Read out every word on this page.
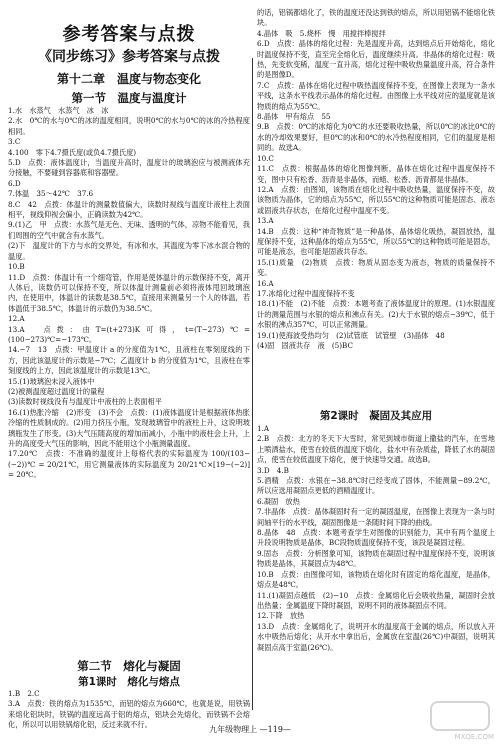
参考答案与点拨
《同步练习》参考答案与点拨
第十二章　温度与物态变化
第一节　温度与温度计

1.水　水蒸气　水蒸气　冰　冰

2.水　0℃的水与0℃的冰的温度相同，说明0℃的水与0℃的冰的冷热程度相同。

3.C

4.100　零下4.7摄氏度(或负4.7摄氏度)

5.D　点拨：液体温度计，当温度升高时，温度计的玻璃泡应与被测液体充分接触，不要碰到容器底和容器壁。

6.D

7.体温　35～42℃　37.6

8.C　42　点拨：体温计的测量数值偏大，读数时视线与温度计液柱上表面相平，视线仰视会偏小，正确读数为42℃。

9.(1)乙　甲　点拨：水蒸气是无色、无味、透明的气体，凉物不能看见，我们周围的空气中就含有水蒸气。

(2)下　温度计的下方与水的交界处，有冰和水，其温度为零下冰水混合物的温度。

10.B

11.D　点拨：体温计有一个细弯管，作用是使体温计的示数保持不变，离开人体后，读数仍可以保持不变，所以体温计测量前必须将液体甩回玻璃泡内，在使用中，体温计的读数是38.5℃，直接用来测量另一个人的体温，若体温低于38.5℃，体温计的示数仍为38.5℃。

12.A

13.A　点拨：由T=(t+273)K可得，t=(T−273)℃=(100−273)℃=−173℃。

14.−7　13　点拨：甲温度计 a 的分度值为1℃，且液柱在零刻度线的下方，因此该温度计的示数是−7℃；乙温度计 b 的分度值为1℃，且液柱在零刻度线的上方，因此该温度计的示数是13℃。

15.(1)玻璃泡未浸入液体中

(2)被测温度超过温度计的量程

(3)读数时视线没有与温度计中液柱的上表面相平

16.(1)热胀冷缩　(2)形变　(3)不会　点拨：(1)液体温度计是根据液体热胀冷缩的性质制成的。(2)用力挤压小瓶，发现玻璃管中的液柱上升，这说明玻璃瓶发生了形变。(3)大气压随高度的增加而减小，小瓶中的液柱会上升，上升的高度受大气压的影响，因此不能用这个小瓶测量温度。

17.20℃　点拨：不准确的温度计上每格代表的实际温度为 100/(103−(−2))℃ = 20/21℃，用它测量液体的实际温度为 20/21℃×[19−(−2)] = 20℃。

第二节　熔化与凝固
第1课时　熔化与熔点

1.B　2.C

3.A　点拨：铁的熔点为1535℃，而铝的熔点为660℃，也就是说，用铁锅来熔化铝块时，铁锅的温度远高于铝的熔点，铝块会先熔化，而铁锅不会熔化，所以可以用铁锅熔化铝，反过来就不行。

的话，铝锅都熔化了，铁的温度还没达到铁的熔点，所以用铝锅不能熔化铁块。

4.晶体　吸　5.烧杯　慢　用搅拌棒搅拌

6.D　点拨：晶体的熔化过程：先是温度升高，达到熔点后开始熔化，熔化时温度保持不变，直至完全熔化后，温度继续升高。非晶体的熔化过程：吸热，先变软变稀，温度一直升高，熔化过程中吸收热量温度升高，符合条件的是图像D。

7.C　点拨：晶体在熔化过程中吸热温度保持不变，在图像上表现为一条水平线，这条水平线表示晶体的熔化过程。由图像上水平线对应的温度就是该物质的熔点为55℃。

8.晶体　甲有熔点　55

9.B　点拨：0℃的冰熔化为0℃的水还要吸收热量，所以0℃的冰比0℃的水的冷却效果要好，但0℃的冰和0℃的水冷热程度相同，它们的温度是相同的。故选A。

10.C

11.C　点拨：根据晶体的熔化图像判断，晶体在熔化过程中温度保持不变，图中只有松香、沥青是非晶体，而蜡、松香、沥青都是非晶体。

12.A　点拨：由图知，该物质在熔化过程中吸收热量，温度保持不变，故该物质为晶体，它的熔点为55℃，所以55℃的这种物质可能是固态、液态或固液共存状态，在熔化过程中温度不变。

13.A

14.B　点拨：这种“神奇物质”是一种晶体，晶体熔化吸热，凝固放热，温度保持不变，这种晶体的熔点为55℃，所以55℃的这种物质可能是固态，可能是液态，也可能是固液共存态。

15.(1)质量　(2)物质　点拨：物质从固态变为液态，物质的质量保持不变。

16.A

17.冰熔化过程中温度保持不变

18.(1)不能　(2)不能　点拨：本题考查了液体温度计的原理。(1)水银温度计的测量范围与水银的熔点和沸点有关。(2)大于水银的熔点−39℃，低于水银的沸点357℃，可以正常测量。

19.(1)使海波受热均匀　(2)试管底　试管壁　(3)晶体　48

(4)固　固液共存　液　(5)BC

第2课时　凝固及其应用

1.A

2.B　点拨：北方的冬天下大雪时，常见到城市街道上撒盐的汽车，在雪地上喷洒盐水，使雪在较低的温度下熔化，盐水中有杂质盐，降低了水的凝固点，使雪在较低温度下熔化，便于快速导交通。故选B。

3.D　4.B

5.酒精　点拨：水银在−38.8℃时已经变成了固体，不能测量−89.2℃，所以应选用凝固点更低的酒精温度计。

6.凝固　放热

7.非晶体　点拨：晶体凝固时有一定的凝固温度，在图像上表现为一条与时间轴平行的水平线，凝固图像是一条随时间下降的曲线。

8.晶体　48　点拨：本题考查学生对图像的识别能力，其中有两个温度上升段说明物质是晶体，BC段物质温度保持不变，该段是凝固过程。

9.固态　点拨：分析图象可知，该物质在凝固过程中温度保持不变，说明该物质是晶体，其凝固点为48℃。

10.B　点拨：由图像可知，该物质在熔化时有固定的熔化温度，是晶体，熔点是48℃。

11.(1)凝固点越低　(2)−10　点拨：金属熔化后会吸收热量，凝固时会放出热量；金属温度下降时凝固，说明不同的液体凝固点不同。

12.下降　放热

13.D　点拨：金属熔化了，说明开水的温度高于金属的熔点，所以放入开水中吸热后熔化；从开水中拿出后，金属放在室温(26℃)中凝固，说明其凝固点高于室温(26℃)。

九年级物理上 —119—
MXQE.COM
